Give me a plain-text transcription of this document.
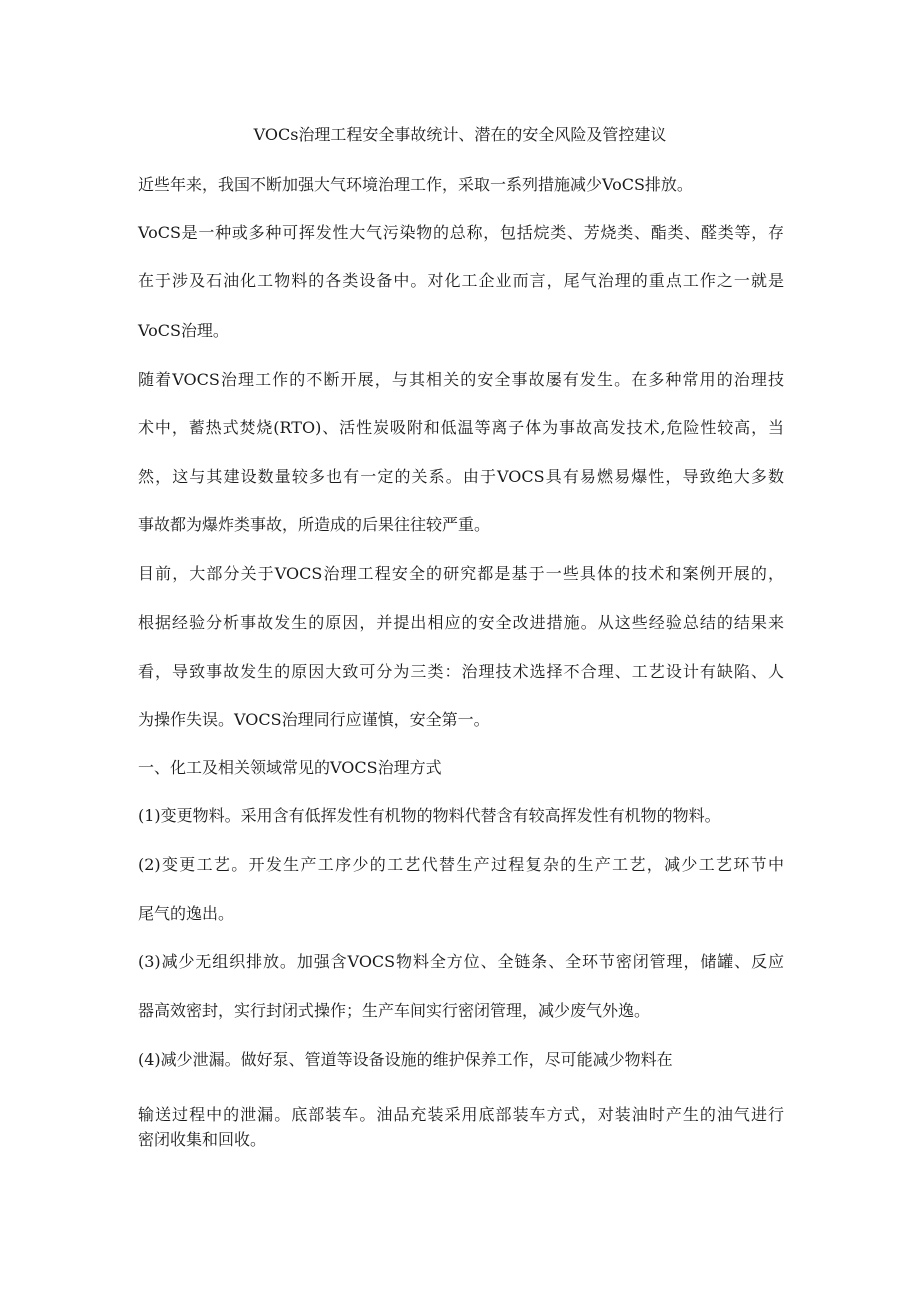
VOCs治理工程安全事故统计、潜在的安全风险及管控建议
近些年来，我国不断加强大气环境治理工作，采取一系列措施减少VoCS排放。
VoCS是一种或多种可挥发性大气污染物的总称，包括烷类、芳烧类、酯类、醛类等，存
在于涉及石油化工物料的各类设备中。对化工企业而言，尾气治理的重点工作之一就是
VoCS治理。
随着VOCS治理工作的不断开展，与其相关的安全事故屡有发生。在多种常用的治理技
术中，蓄热式焚烧(RTO)、活性炭吸附和低温等离子体为事故高发技术,危险性较高，当
然，这与其建设数量较多也有一定的关系。由于VOCS具有易燃易爆性，导致绝大多数
事故都为爆炸类事故，所造成的后果往往较严重。
目前，大部分关于VOCS治理工程安全的研究都是基于一些具体的技术和案例开展的，
根据经验分析事故发生的原因，并提出相应的安全改进措施。从这些经验总结的结果来
看，导致事故发生的原因大致可分为三类：治理技术选择不合理、工艺设计有缺陷、人
为操作失误。VOCS治理同行应谨慎，安全第一。
一、化工及相关领域常见的VOCS治理方式
(1)变更物料。采用含有低挥发性有机物的物料代替含有较高挥发性有机物的物料。
(2)变更工艺。开发生产工序少的工艺代替生产过程复杂的生产工艺，减少工艺环节中
尾气的逸出。
(3)减少无组织排放。加强含VOCS物料全方位、全链条、全环节密闭管理，储罐、反应
器高效密封，实行封闭式操作；生产车间实行密闭管理，减少废气外逸。
(4)减少泄漏。做好泵、管道等设备设施的维护保养工作，尽可能减少物料在
输送过程中的泄漏。底部装车。油品充装采用底部装车方式，对装油时产生的油气进行
密闭收集和回收。
